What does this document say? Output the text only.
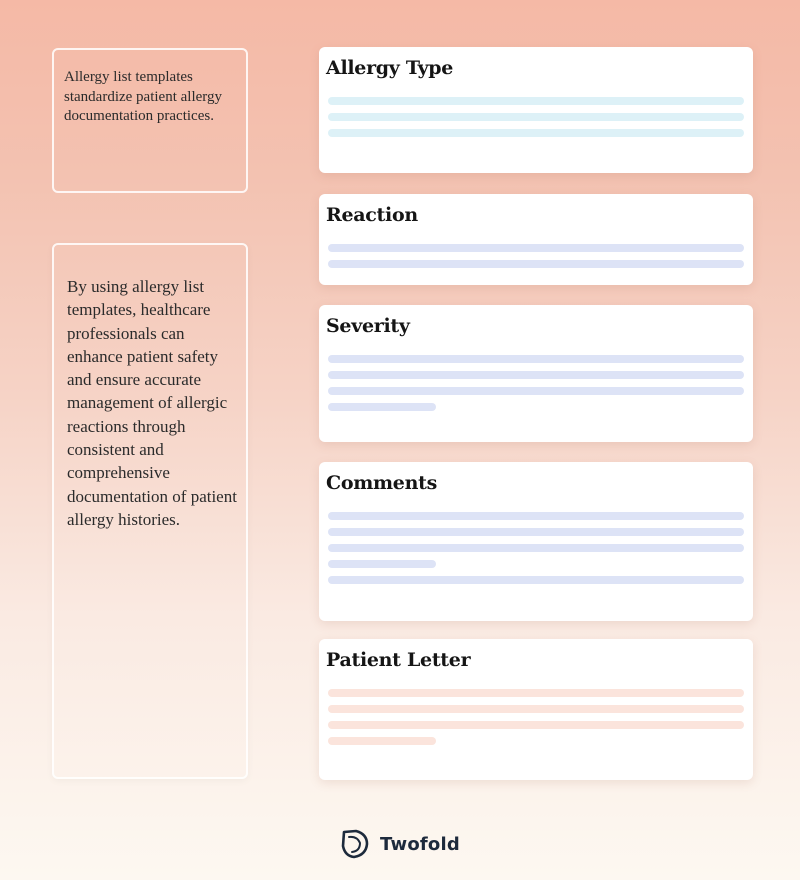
Allergy list templates standardize patient allergy documentation practices.
By using allergy list templates, healthcare professionals can enhance patient safety and ensure accurate management of allergic reactions through consistent and comprehensive documentation of patient allergy histories.
Allergy Type
Reaction
Severity
Comments
Patient Letter
Twofold
